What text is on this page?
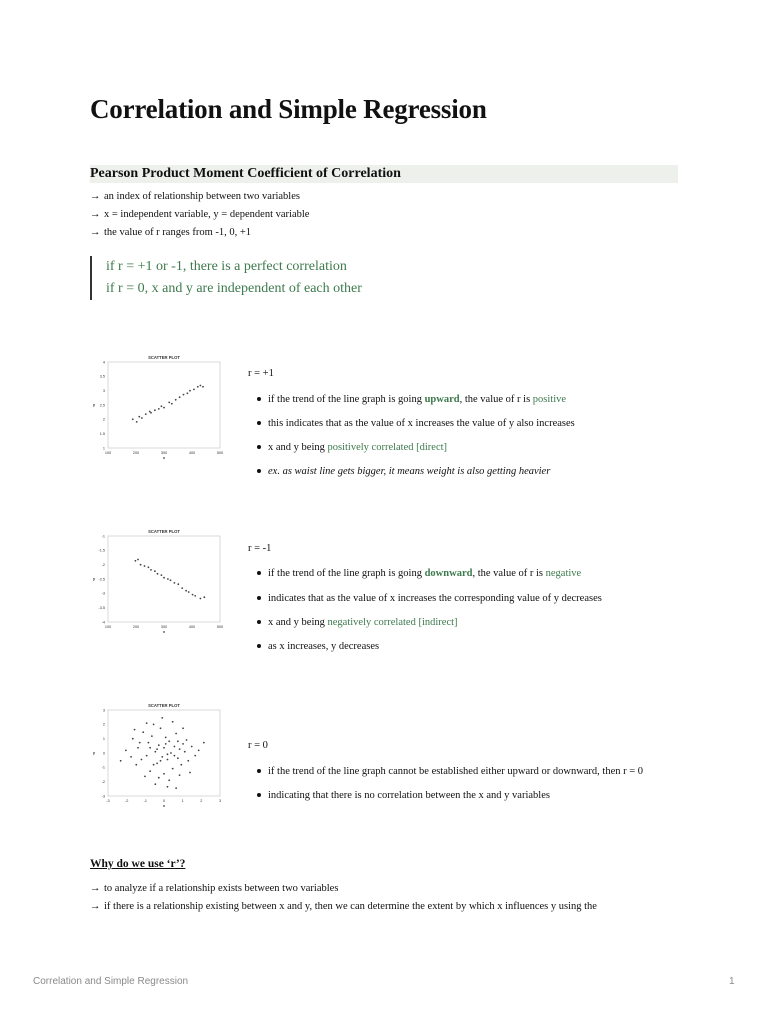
Correlation and Simple Regression
Pearson Product Moment Coefficient of Correlation
→ an index of relationship between two variables
→ x = independent variable, y = dependent variable
→ the value of r ranges from -1, 0, +1
if r = +1 or -1, there is a perfect correlation
if r = 0, x and y are independent of each other
SCATTER PLOT
100	200	300	400	500
1
1.5
2
2.5
3
3.5
4
x
y
r = +1
if the trend of the line graph is going upward, the value of r is positive
this indicates that as the value of x increases the value of y also increases
x and y being positively correlated [direct]
ex. as waist line gets bigger, it means weight is also getting heavier
SCATTER PLOT
100	200	300	400	500
-1
-1.5
-2
-2.5
-3
-3.5
-4
x
y
r = -1
if the trend of the line graph is going downward, the value of r is negative
indicates that as the value of x increases the corresponding value of y decreases
x and y being negatively correlated [indirect]
as x increases, y decreases
SCATTER PLOT
-3	-2	-1	0	1	2	3
3
2
1
0
-1
-2
-3
x
y
r = 0
if the trend of the line graph cannot be established either upward or downward, then r = 0
indicating that there is no correlation between the x and y variables
Why do we use ‘r’?
→ to analyze if a relationship exists between two variables
→ if there is a relationship existing between x and y, then we can determine the extent by which x influences y using the
Correlation and Simple Regression	1
